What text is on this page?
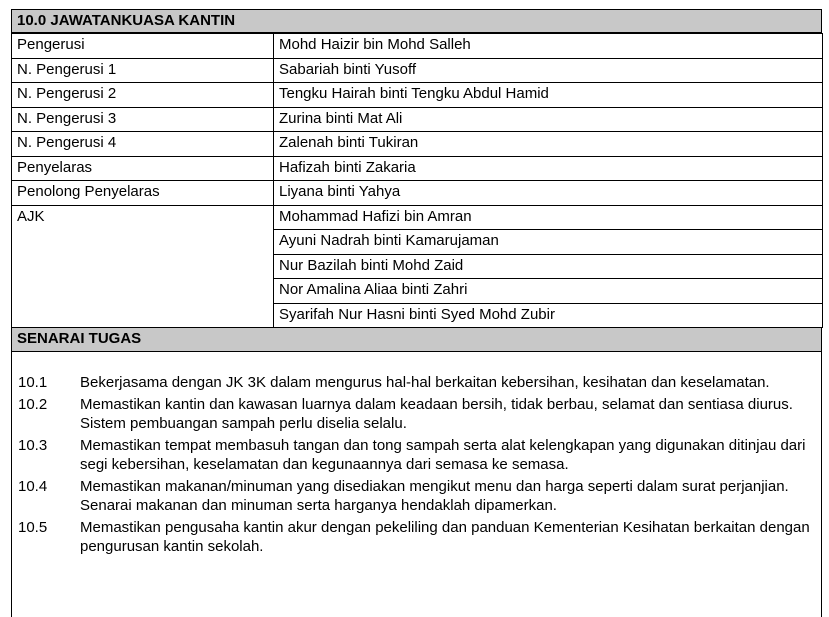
10.0 JAWATANKUASA KANTIN
Pengerusi	Mohd Haizir bin Mohd Salleh
N. Pengerusi 1	Sabariah binti Yusoff
N. Pengerusi 2	Tengku Hairah binti Tengku Abdul Hamid
N. Pengerusi 3	Zurina binti Mat Ali
N. Pengerusi 4	Zalenah binti Tukiran
Penyelaras	Hafizah binti Zakaria
Penolong Penyelaras	Liyana binti Yahya
AJK	Mohammad Hafizi bin Amran
	Ayuni Nadrah binti Kamarujaman
	Nur Bazilah binti Mohd Zaid
	Nor Amalina Aliaa binti Zahri
	Syarifah Nur Hasni binti Syed Mohd Zubir
SENARAI TUGAS
10.1	Bekerjasama dengan JK 3K dalam mengurus hal-hal berkaitan kebersihan, kesihatan dan keselamatan.
10.2	Memastikan kantin dan kawasan luarnya dalam keadaan bersih, tidak berbau, selamat dan sentiasa diurus. Sistem pembuangan sampah perlu diselia selalu.
10.3	Memastikan tempat membasuh tangan dan tong sampah serta alat kelengkapan yang digunakan ditinjau dari segi kebersihan, keselamatan dan kegunaannya dari semasa ke semasa.
10.4	Memastikan makanan/minuman yang disediakan mengikut menu dan harga seperti dalam surat perjanjian. Senarai makanan dan minuman serta harganya hendaklah dipamerkan.
10.5	Memastikan pengusaha kantin akur dengan pekeliling dan panduan Kementerian Kesihatan berkaitan dengan pengurusan kantin sekolah.
